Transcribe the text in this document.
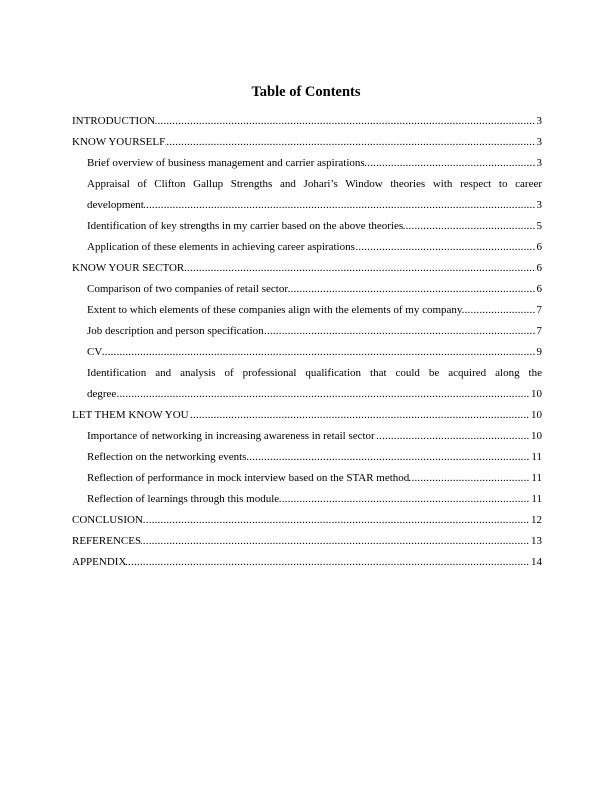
Table of Contents
.....
INTRODUCTION	3
.....
KNOW YOURSELF	3
.....
Brief overview of business management and carrier aspirations	3
Appraisal of Clifton Gallup Strengths and Johari’s Window theories with respect to career
.....
development	3
.....
Identification of key strengths in my carrier based on the above theories	5
.....
Application of these elements in achieving career aspirations	6
.....
KNOW YOUR SECTOR	6
.....
Comparison of two companies of retail sector	6
.....
Extent to which elements of these companies align with the elements of my company	7
.....
Job description and person specification	7
.....
CV	9
Identification and analysis of professional qualification that could be acquired along the
.....
degree	10
.....
LET THEM KNOW YOU	10
.....
Importance of networking in increasing awareness in retail sector	10
.....
Reflection on the networking events	11
.....
Reflection of performance in mock interview based on the STAR method	11
.....
Reflection of learnings through this module	11
.....
CONCLUSION	12
.....
REFERENCES	13
.....
APPENDIX	14
